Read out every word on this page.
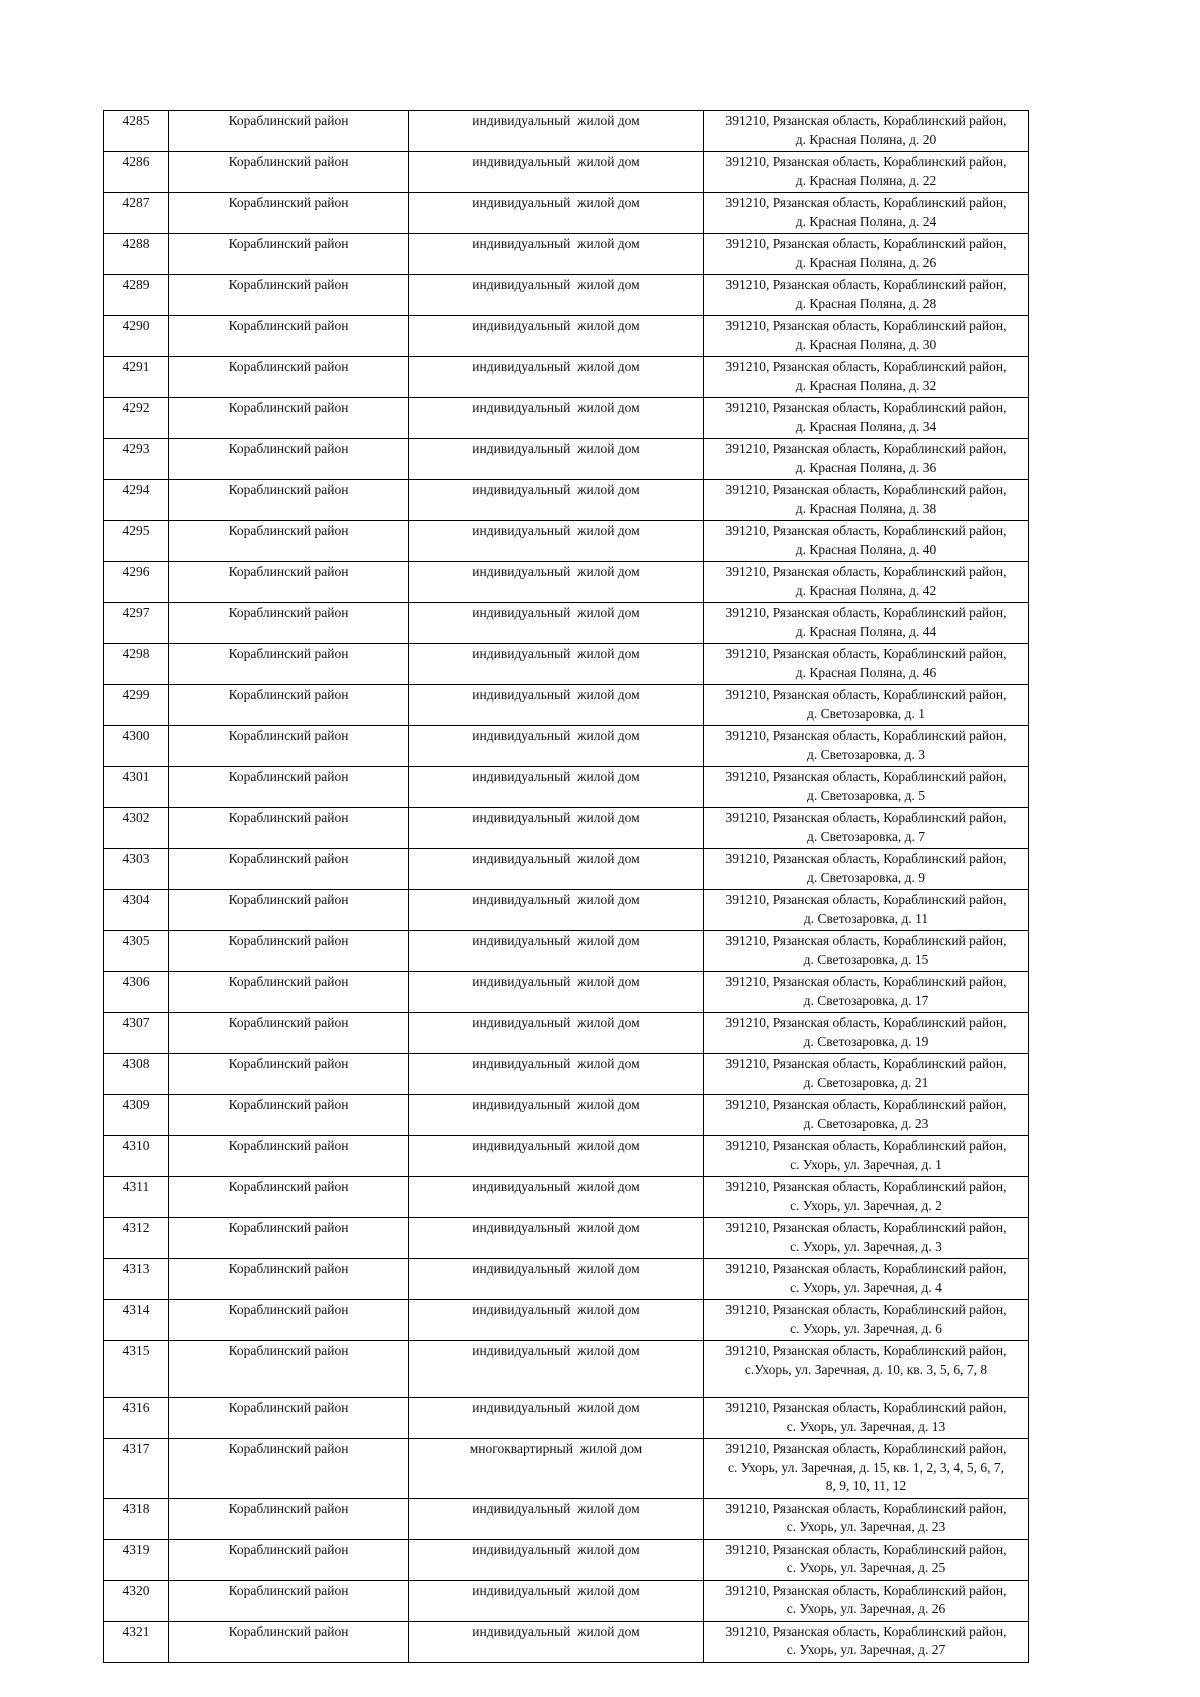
4285	Кораблинский район	индивидуальный  жилой дом	391210, Рязанская область, Кораблинский район,
д. Красная Поляна, д. 20

4286	Кораблинский район	индивидуальный  жилой дом	391210, Рязанская область, Кораблинский район,
д. Красная Поляна, д. 22

4287	Кораблинский район	индивидуальный  жилой дом	391210, Рязанская область, Кораблинский район,
д. Красная Поляна, д. 24

4288	Кораблинский район	индивидуальный  жилой дом	391210, Рязанская область, Кораблинский район,
д. Красная Поляна, д. 26

4289	Кораблинский район	индивидуальный  жилой дом	391210, Рязанская область, Кораблинский район,
д. Красная Поляна, д. 28

4290	Кораблинский район	индивидуальный  жилой дом	391210, Рязанская область, Кораблинский район,
д. Красная Поляна, д. 30

4291	Кораблинский район	индивидуальный  жилой дом	391210, Рязанская область, Кораблинский район,
д. Красная Поляна, д. 32

4292	Кораблинский район	индивидуальный  жилой дом	391210, Рязанская область, Кораблинский район,
д. Красная Поляна, д. 34

4293	Кораблинский район	индивидуальный  жилой дом	391210, Рязанская область, Кораблинский район,
д. Красная Поляна, д. 36

4294	Кораблинский район	индивидуальный  жилой дом	391210, Рязанская область, Кораблинский район,
д. Красная Поляна, д. 38

4295	Кораблинский район	индивидуальный  жилой дом	391210, Рязанская область, Кораблинский район,
д. Красная Поляна, д. 40

4296	Кораблинский район	индивидуальный  жилой дом	391210, Рязанская область, Кораблинский район,
д. Красная Поляна, д. 42

4297	Кораблинский район	индивидуальный  жилой дом	391210, Рязанская область, Кораблинский район,
д. Красная Поляна, д. 44

4298	Кораблинский район	индивидуальный  жилой дом	391210, Рязанская область, Кораблинский район,
д. Красная Поляна, д. 46

4299	Кораблинский район	индивидуальный  жилой дом	391210, Рязанская область, Кораблинский район,
д. Светозаровка, д. 1

4300	Кораблинский район	индивидуальный  жилой дом	391210, Рязанская область, Кораблинский район,
д. Светозаровка, д. 3

4301	Кораблинский район	индивидуальный  жилой дом	391210, Рязанская область, Кораблинский район,
д. Светозаровка, д. 5

4302	Кораблинский район	индивидуальный  жилой дом	391210, Рязанская область, Кораблинский район,
д. Светозаровка, д. 7

4303	Кораблинский район	индивидуальный  жилой дом	391210, Рязанская область, Кораблинский район,
д. Светозаровка, д. 9

4304	Кораблинский район	индивидуальный  жилой дом	391210, Рязанская область, Кораблинский район,
д. Светозаровка, д. 11

4305	Кораблинский район	индивидуальный  жилой дом	391210, Рязанская область, Кораблинский район,
д. Светозаровка, д. 15

4306	Кораблинский район	индивидуальный  жилой дом	391210, Рязанская область, Кораблинский район,
д. Светозаровка, д. 17

4307	Кораблинский район	индивидуальный  жилой дом	391210, Рязанская область, Кораблинский район,
д. Светозаровка, д. 19

4308	Кораблинский район	индивидуальный  жилой дом	391210, Рязанская область, Кораблинский район,
д. Светозаровка, д. 21

4309	Кораблинский район	индивидуальный  жилой дом	391210, Рязанская область, Кораблинский район,
д. Светозаровка, д. 23

4310	Кораблинский район	индивидуальный  жилой дом	391210, Рязанская область, Кораблинский район,
с. Ухорь, ул. Заречная, д. 1

4311	Кораблинский район	индивидуальный  жилой дом	391210, Рязанская область, Кораблинский район,
с. Ухорь, ул. Заречная, д. 2

4312	Кораблинский район	индивидуальный  жилой дом	391210, Рязанская область, Кораблинский район,
с. Ухорь, ул. Заречная, д. 3

4313	Кораблинский район	индивидуальный  жилой дом	391210, Рязанская область, Кораблинский район,
с. Ухорь, ул. Заречная, д. 4

4314	Кораблинский район	индивидуальный  жилой дом	391210, Рязанская область, Кораблинский район,
с. Ухорь, ул. Заречная, д. 6

4315	Кораблинский район	индивидуальный  жилой дом	391210, Рязанская область, Кораблинский район,
с.Ухорь, ул. Заречная, д. 10, кв. 3, 5, 6, 7, 8

4316	Кораблинский район	индивидуальный  жилой дом	391210, Рязанская область, Кораблинский район,
с. Ухорь, ул. Заречная, д. 13

4317	Кораблинский район	многоквартирный  жилой дом	391210, Рязанская область, Кораблинский район,
с. Ухорь, ул. Заречная, д. 15, кв. 1, 2, 3, 4, 5, 6, 7,
8, 9, 10, 11, 12

4318	Кораблинский район	индивидуальный  жилой дом	391210, Рязанская область, Кораблинский район,
с. Ухорь, ул. Заречная, д. 23

4319	Кораблинский район	индивидуальный  жилой дом	391210, Рязанская область, Кораблинский район,
с. Ухорь, ул. Заречная, д. 25

4320	Кораблинский район	индивидуальный  жилой дом	391210, Рязанская область, Кораблинский район,
с. Ухорь, ул. Заречная, д. 26

4321	Кораблинский район	индивидуальный  жилой дом	391210, Рязанская область, Кораблинский район,
с. Ухорь, ул. Заречная, д. 27
